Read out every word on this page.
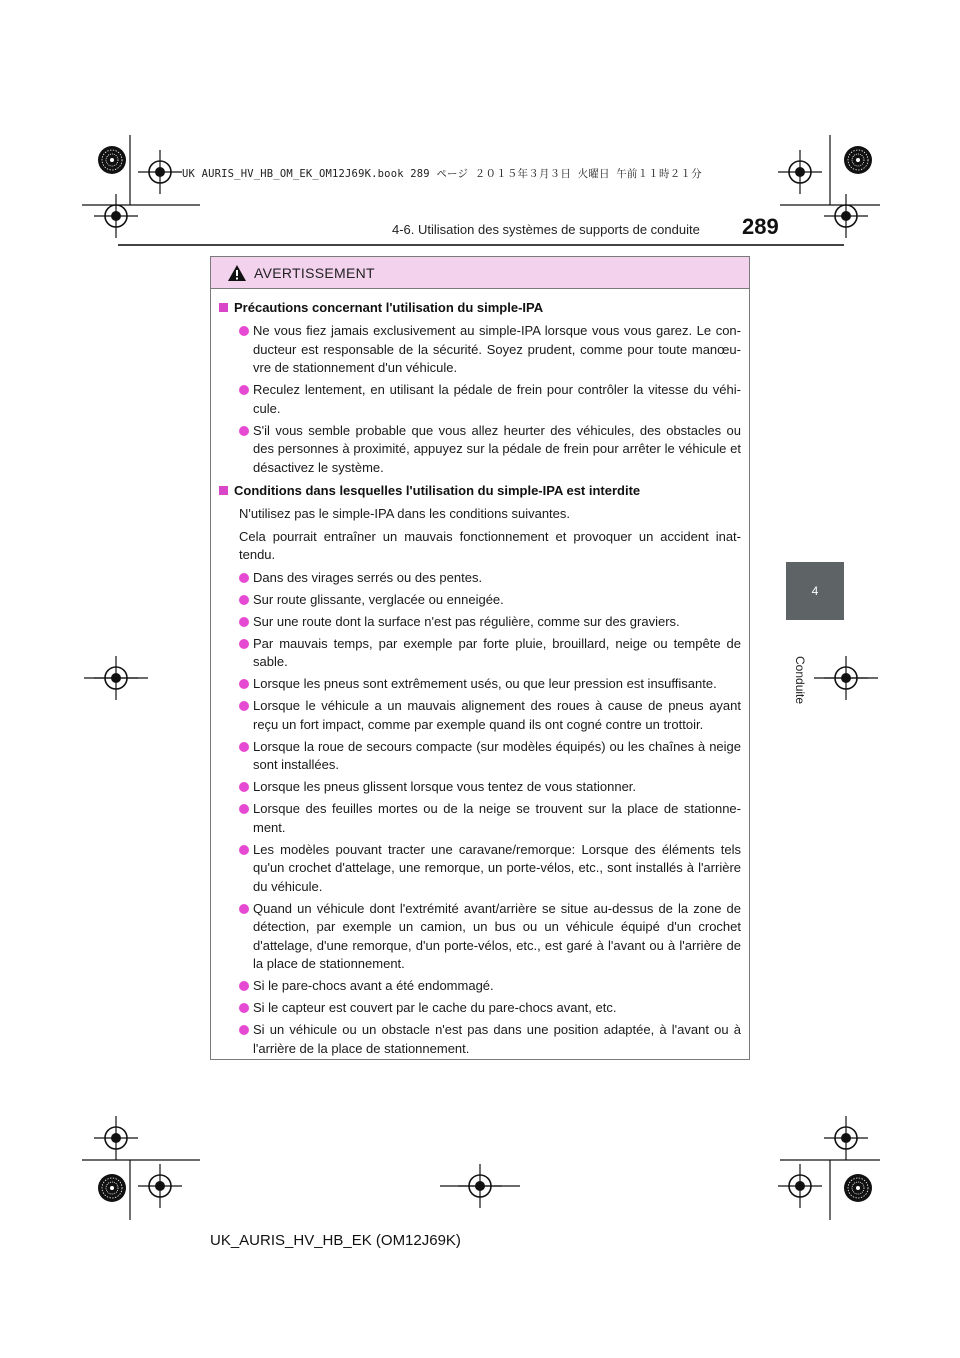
UK AURIS_HV_HB_OM_EK_OM12J69K.book 289 ページ ２０１５年３月３日 火曜日 午前１１時２１分
4-6. Utilisation des systèmes de supports de conduite 289
4
Conduite
AVERTISSEMENT
Précautions concernant l'utilisation du simple-IPA
Ne vous fiez jamais exclusivement au simple-IPA lorsque vous vous garez. Le con-ducteur est responsable de la sécurité. Soyez prudent, comme pour toute manœu-vre de stationnement d'un véhicule.
Reculez lentement, en utilisant la pédale de frein pour contrôler la vitesse du véhi-cule.
S'il vous semble probable que vous allez heurter des véhicules, des obstacles ou des personnes à proximité, appuyez sur la pédale de frein pour arrêter le véhicule et désactivez le système.
Conditions dans lesquelles l'utilisation du simple-IPA est interdite
N'utilisez pas le simple-IPA dans les conditions suivantes.
Cela pourrait entraîner un mauvais fonctionnement et provoquer un accident inat-tendu.
Dans des virages serrés ou des pentes.
Sur route glissante, verglacée ou enneigée.
Sur une route dont la surface n'est pas régulière, comme sur des graviers.
Par mauvais temps, par exemple par forte pluie, brouillard, neige ou tempête de sable.
Lorsque les pneus sont extrêmement usés, ou que leur pression est insuffisante.
Lorsque le véhicule a un mauvais alignement des roues à cause de pneus ayant reçu un fort impact, comme par exemple quand ils ont cogné contre un trottoir.
Lorsque la roue de secours compacte (sur modèles équipés) ou les chaînes à neige sont installées.
Lorsque les pneus glissent lorsque vous tentez de vous stationner.
Lorsque des feuilles mortes ou de la neige se trouvent sur la place de stationne-ment.
Les modèles pouvant tracter une caravane/remorque: Lorsque des éléments tels qu'un crochet d'attelage, une remorque, un porte-vélos, etc., sont installés à l'arrière du véhicule.
Quand un véhicule dont l'extrémité avant/arrière se situe au-dessus de la zone de détection, par exemple un camion, un bus ou un véhicule équipé d'un crochet d'attelage, d'une remorque, d'un porte-vélos, etc., est garé à l'avant ou à l'arrière de la place de stationnement.
Si le pare-chocs avant a été endommagé.
Si le capteur est couvert par le cache du pare-chocs avant, etc.
Si un véhicule ou un obstacle n'est pas dans une position adaptée, à l'avant ou à l'arrière de la place de stationnement.
UK_AURIS_HV_HB_EK (OM12J69K)
